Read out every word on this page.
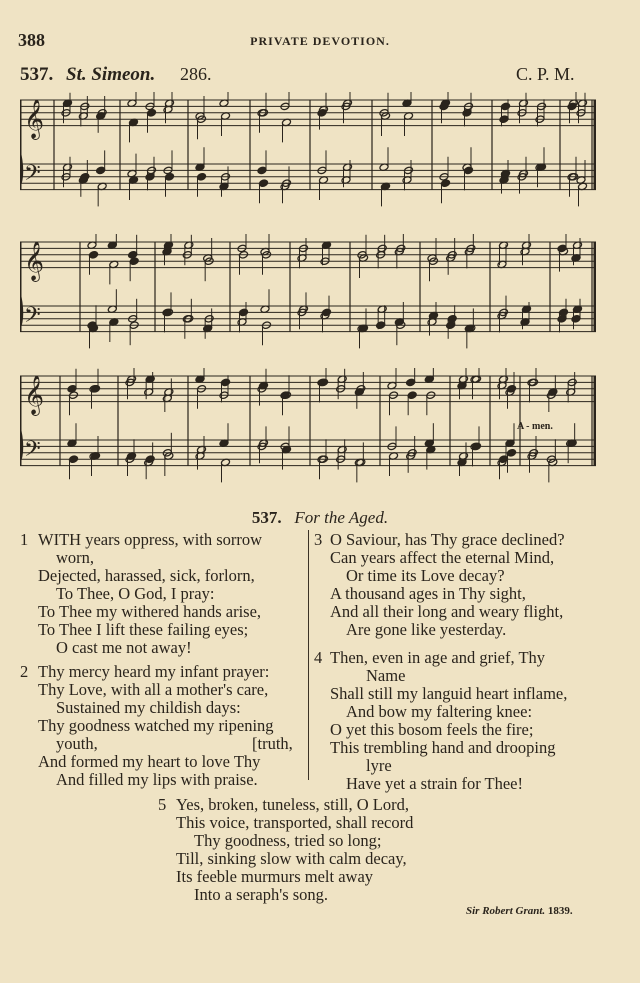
388	PRIVATE DEVOTION.
537. St. Simeon. 286.	C. P. M.
𝄞
𝄢
𝄞
𝄢
A - men.
𝄞
𝄢
537. For the Aged.
1 WITH years oppress, with sorrow
worn,
Dejected, harassed, sick, forlorn,
To Thee, O God, I pray:
To Thee my withered hands arise,
To Thee I lift these failing eyes;
O cast me not away!
2 Thy mercy heard my infant prayer:
Thy Love, with all a mother's care,
Sustained my childish days:
Thy goodness watched my ripening
youth,	[truth,
And formed my heart to love Thy
And filled my lips with praise.
3 O Saviour, has Thy grace declined?
Can years affect the eternal Mind,
Or time its Love decay?
A thousand ages in Thy sight,
And all their long and weary flight,
Are gone like yesterday.
4 Then, even in age and grief, Thy
Name
Shall still my languid heart inflame,
And bow my faltering knee:
O yet this bosom feels the fire;
This trembling hand and drooping
lyre
Have yet a strain for Thee!
5 Yes, broken, tuneless, still, O Lord,
This voice, transported, shall record
Thy goodness, tried so long;
Till, sinking slow with calm decay,
Its feeble murmurs melt away
Into a seraph's song.
Sir Robert Grant. 1839.
